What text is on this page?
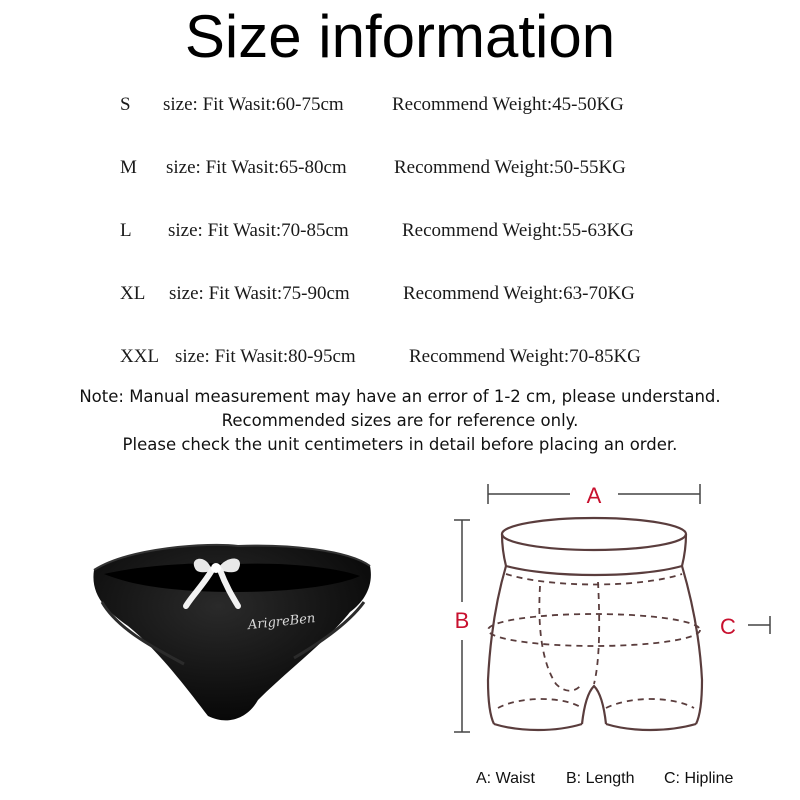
Size information
S size: Fit Wasit:60-75cm	Recommend Weight:45-50KG
M size: Fit Wasit:65-80cm Recommend Weight:50-55KG
L size: Fit Wasit:70-85cm	Recommend Weight:55-63KG
XL size: Fit Wasit:75-90cm	Recommend Weight:63-70KG
XXL size: Fit Wasit:80-95cm	Recommend Weight:70-85KG
Note: Manual measurement may have an error of 1-2 cm, please understand.
Recommended sizes are for reference only.
Please check the unit centimeters in detail before placing an order.
ArigreBen
A
B	C
A: Waist B: Length C: Hipline
